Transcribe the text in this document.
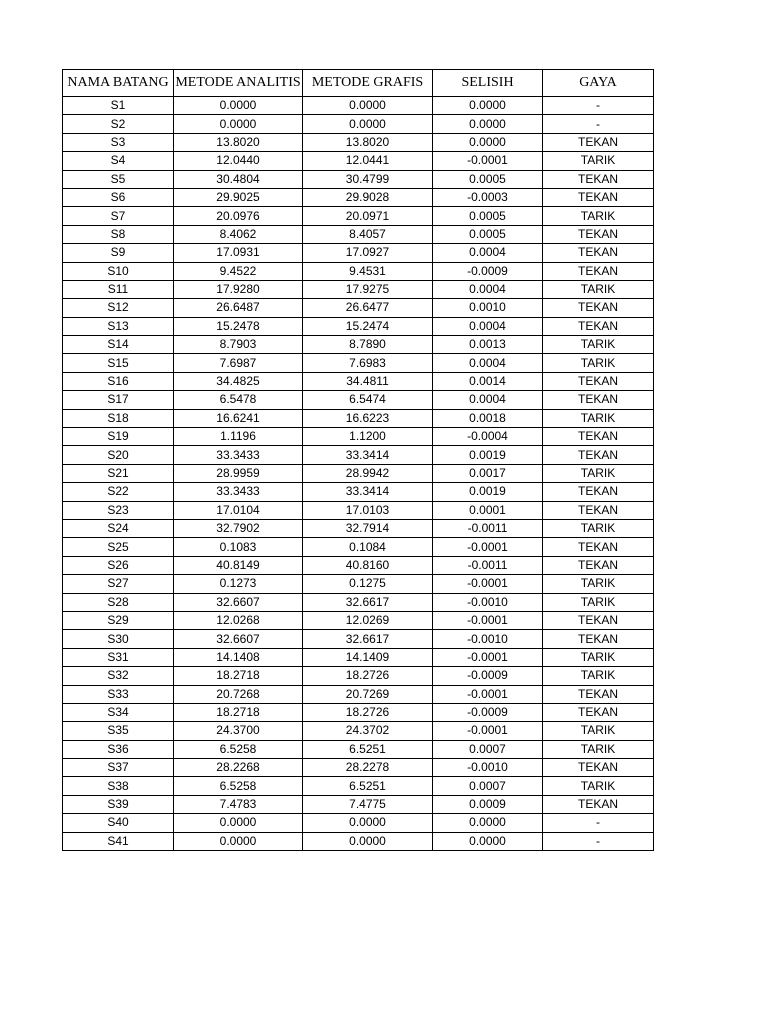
NAMA BATANG	METODE ANALITIS	METODE GRAFIS	SELISIH	GAYA
S1	0.0000	0.0000	0.0000	-
S2	0.0000	0.0000	0.0000	-
S3	13.8020	13.8020	0.0000	TEKAN
S4	12.0440	12.0441	-0.0001	TARIK
S5	30.4804	30.4799	0.0005	TEKAN
S6	29.9025	29.9028	-0.0003	TEKAN
S7	20.0976	20.0971	0.0005	TARIK
S8	8.4062	8.4057	0.0005	TEKAN
S9	17.0931	17.0927	0.0004	TEKAN
S10	9.4522	9.4531	-0.0009	TEKAN
S11	17.9280	17.9275	0.0004	TARIK
S12	26.6487	26.6477	0.0010	TEKAN
S13	15.2478	15.2474	0.0004	TEKAN
S14	8.7903	8.7890	0.0013	TARIK
S15	7.6987	7.6983	0.0004	TARIK
S16	34.4825	34.4811	0.0014	TEKAN
S17	6.5478	6.5474	0.0004	TEKAN
S18	16.6241	16.6223	0.0018	TARIK
S19	1.1196	1.1200	-0.0004	TEKAN
S20	33.3433	33.3414	0.0019	TEKAN
S21	28.9959	28.9942	0.0017	TARIK
S22	33.3433	33.3414	0.0019	TEKAN
S23	17.0104	17.0103	0.0001	TEKAN
S24	32.7902	32.7914	-0.0011	TARIK
S25	0.1083	0.1084	-0.0001	TEKAN
S26	40.8149	40.8160	-0.0011	TEKAN
S27	0.1273	0.1275	-0.0001	TARIK
S28	32.6607	32.6617	-0.0010	TARIK
S29	12.0268	12.0269	-0.0001	TEKAN
S30	32.6607	32.6617	-0.0010	TEKAN
S31	14.1408	14.1409	-0.0001	TARIK
S32	18.2718	18.2726	-0.0009	TARIK
S33	20.7268	20.7269	-0.0001	TEKAN
S34	18.2718	18.2726	-0.0009	TEKAN
S35	24.3700	24.3702	-0.0001	TARIK
S36	6.5258	6.5251	0.0007	TARIK
S37	28.2268	28.2278	-0.0010	TEKAN
S38	6.5258	6.5251	0.0007	TARIK
S39	7.4783	7.4775	0.0009	TEKAN
S40	0.0000	0.0000	0.0000	-
S41	0.0000	0.0000	0.0000	-
